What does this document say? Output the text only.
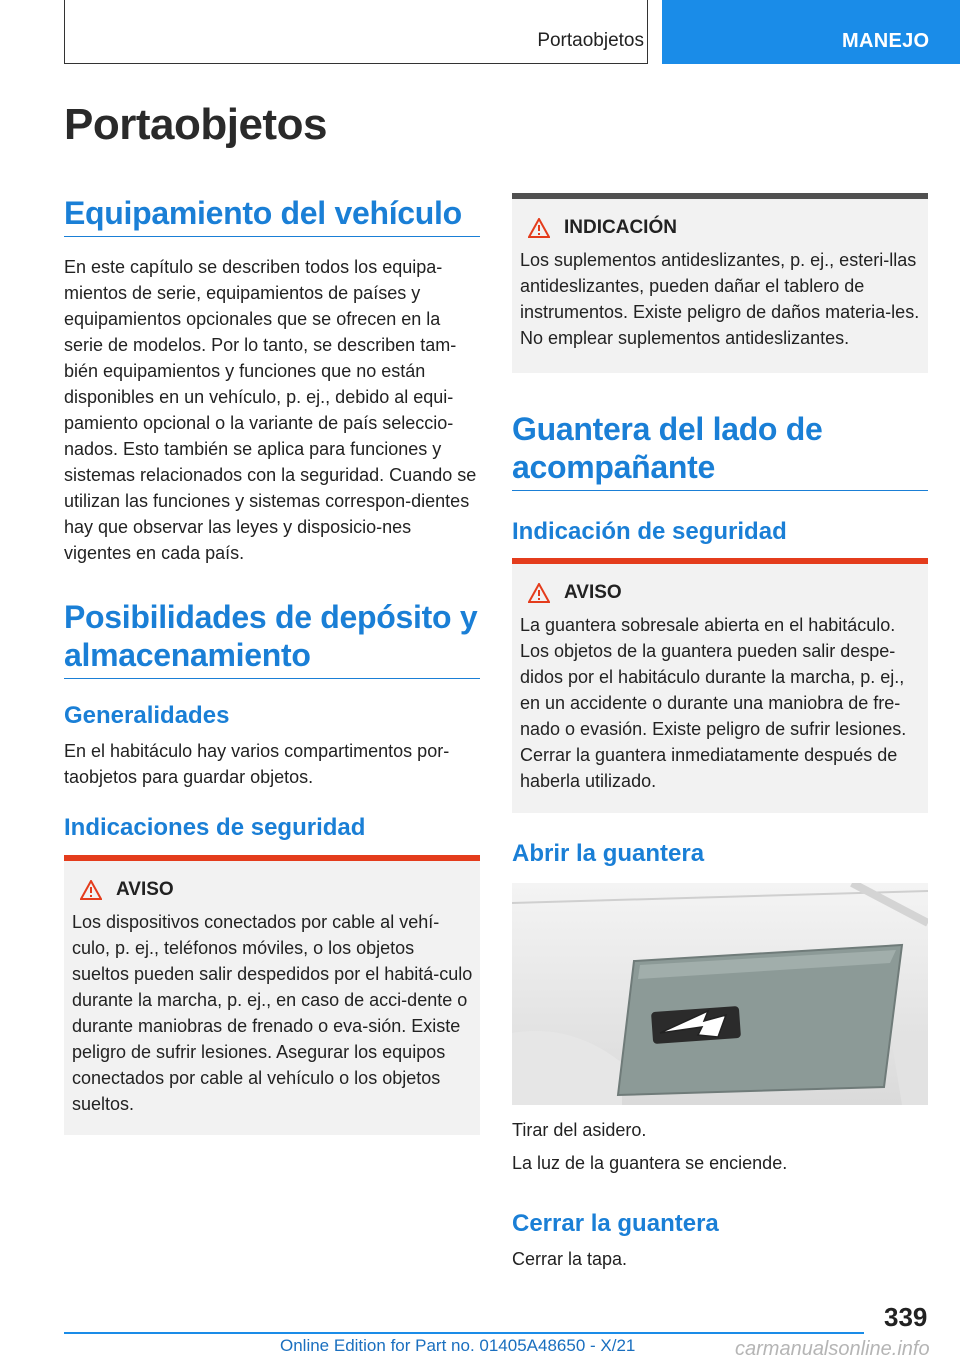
Portaobjetos	MANEJO
Portaobjetos
Equipamiento del vehículo

En este capítulo se describen todos los equipa-mientos de serie, equipamientos de países y equipamientos opcionales que se ofrecen en la serie de modelos. Por lo tanto, se describen tam-bién equipamientos y funciones que no están disponibles en un vehículo, p. ej., debido al equi-pamiento opcional o la variante de país seleccio-nados. Esto también se aplica para funciones y sistemas relacionados con la seguridad. Cuando se utilizan las funciones y sistemas correspon-dientes hay que observar las leyes y disposicio-nes vigentes en cada país.

Posibilidades de depósito y almacenamiento
Generalidades

En el habitáculo hay varios compartimentos por-taobjetos para guardar objetos.

Indicaciones de seguridad
AVISO

Los dispositivos conectados por cable al vehí-culo, p. ej., teléfonos móviles, o los objetos sueltos pueden salir despedidos por el habitá-culo durante la marcha, p. ej., en caso de acci-dente o durante maniobras de frenado o eva-sión. Existe peligro de sufrir lesiones. Asegurar los equipos conectados por cable al vehículo o los objetos sueltos.

INDICACIÓN

Los suplementos antideslizantes, p. ej., esteri-llas antideslizantes, pueden dañar el tablero de instrumentos. Existe peligro de daños materia-les. No emplear suplementos antideslizantes.

Guantera del lado de acompañante
Indicación de seguridad
AVISO

La guantera sobresale abierta en el habitáculo. Los objetos de la guantera pueden salir despe-didos por el habitáculo durante la marcha, p. ej., en un accidente o durante una maniobra de fre-nado o evasión. Existe peligro de sufrir lesiones. Cerrar la guantera inmediatamente después de haberla utilizado.

Abrir la guantera

Tirar del asidero.

La luz de la guantera se enciende.

Cerrar la guantera

Cerrar la tapa.

339
Online Edition for Part no. 01405A48650 - X/21	carmanualsonline.info
